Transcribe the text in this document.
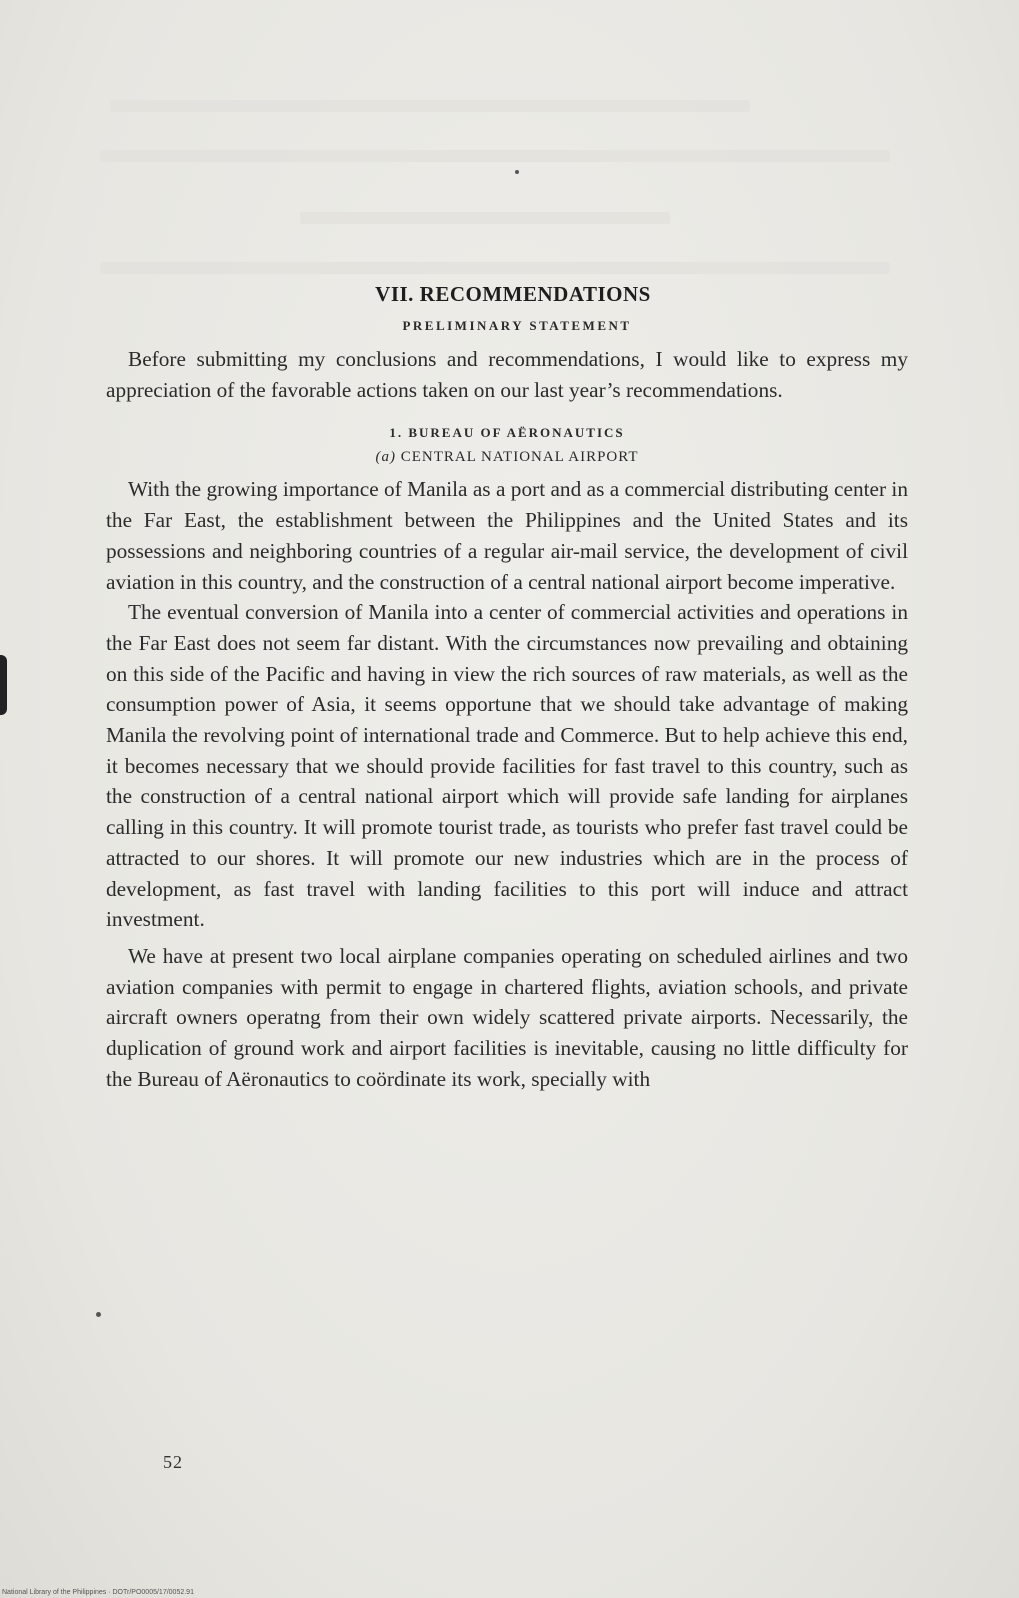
VII. RECOMMENDATIONS
PRELIMINARY STATEMENT

Before submitting my conclusions and recommendations, I would like to express my appreciation of the favorable actions taken on our last year’s recommendations.

1. BUREAU OF AËRONAUTICS
(a) CENTRAL NATIONAL AIRPORT

With the growing importance of Manila as a port and as a commercial distributing center in the Far East, the establishment between the Philippines and the United States and its possessions and neighboring countries of a regular air-mail service, the development of civil aviation in this country, and the construction of a central national airport become imperative.

The eventual conversion of Manila into a center of commercial activities and operations in the Far East does not seem far distant. With the circumstances now prevailing and obtaining on this side of the Pacific and having in view the rich sources of raw materials, as well as the consumption power of Asia, it seems opportune that we should take advantage of making Manila the revolving point of international trade and Commerce. But to help achieve this end, it becomes necessary that we should provide facilities for fast travel to this country, such as the construction of a central national airport which will provide safe landing for airplanes calling in this country. It will promote tourist trade, as tourists who prefer fast travel could be attracted to our shores. It will promote our new industries which are in the process of development, as fast travel with landing facilities to this port will induce and attract investment.

We have at present two local airplane companies operating on scheduled airlines and two aviation companies with permit to engage in chartered flights, aviation schools, and private aircraft owners operatng from their own widely scattered private airports. Necessarily, the duplication of ground work and airport facilities is inevitable, causing no little difficulty for the Bureau of Aëronautics to coördinate its work, specially with

52
National Library of the Philippines · DOTr/PO0005/17/0052.91
